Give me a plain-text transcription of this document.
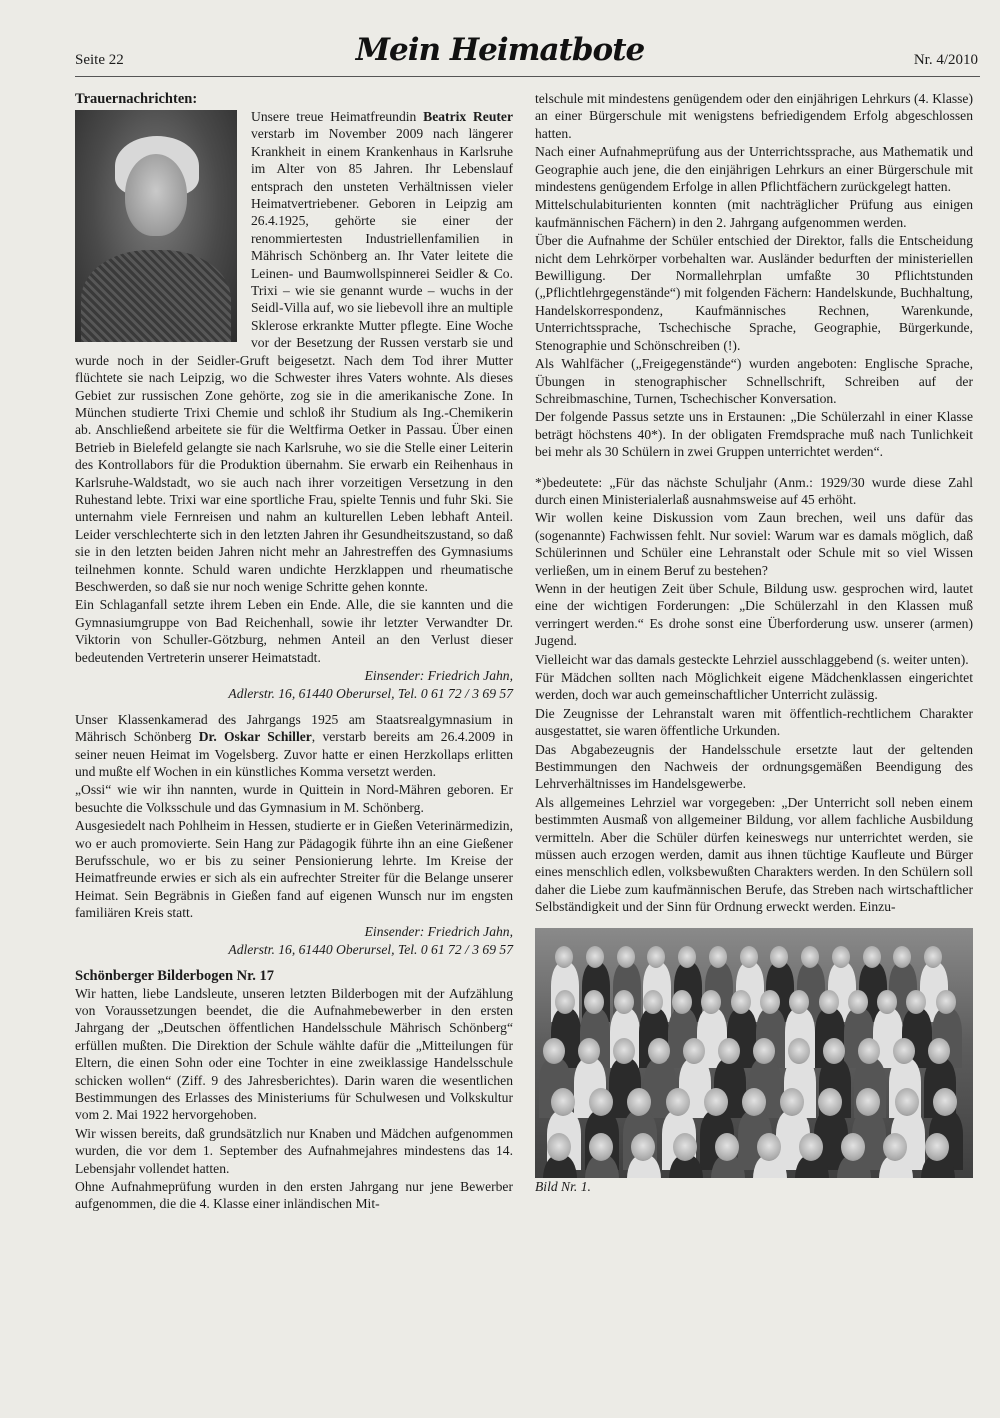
Seite 22	Mein Heimatbote	Nr. 4/2010
Trauernachrichten:

Unsere treue Heimatfreundin Beatrix Reuter verstarb im November 2009 nach längerer Krankheit in einem Krankenhaus in Karlsruhe im Alter von 85 Jahren. Ihr Lebenslauf entsprach den unsteten Verhältnissen vieler Heimatvertriebener. Geboren in Leipzig am 26.4.1925, gehörte sie einer der renommiertesten Industriellenfamilien in Mährisch Schönberg an. Ihr Vater leitete die Leinen- und Baumwollspinnerei Seidler & Co. Trixi – wie sie genannt wurde – wuchs in der Seidl-Villa auf, wo sie liebevoll ihre an multiple Sklerose erkrankte Mutter pflegte. Eine Woche vor der Besetzung der Russen verstarb sie und wurde noch in der Seidler-Gruft beigesetzt. Nach dem Tod ihrer Mutter flüchtete sie nach Leipzig, wo die Schwester ihres Vaters wohnte. Als dieses Gebiet zur russischen Zone gehörte, zog sie in die amerikanische Zone. In München studierte Trixi Chemie und schloß ihr Studium als Ing.-Chemikerin ab. Anschließend arbeitete sie für die Weltfirma Oetker in Passau. Über einen Betrieb in Bielefeld gelangte sie nach Karlsruhe, wo sie die Stelle einer Leiterin des Kontrollabors für die Produktion übernahm. Sie erwarb ein Reihenhaus in Karlsruhe-Waldstadt, wo sie auch nach ihrer vorzeitigen Versetzung in den Ruhestand lebte. Trixi war eine sportliche Frau, spielte Tennis und fuhr Ski. Sie unternahm viele Fernreisen und nahm an kulturellen Leben lebhaft Anteil. Leider verschlechterte sich in den letzten Jahren ihr Gesundheitszustand, so daß sie in den letzten beiden Jahren nicht mehr an Jahrestreffen des Gymnasiums teilnehmen konnte. Schuld waren undichte Herzklappen und rheumatische Beschwerden, so daß sie nur noch wenige Schritte gehen konnte.

Ein Schlaganfall setzte ihrem Leben ein Ende. Alle, die sie kannten und die Gymnasiumgruppe von Bad Reichenhall, sowie ihr letzter Verwandter Dr. Viktorin von Schuller-Götzburg, nehmen Anteil an den Verlust dieser bedeutenden Vertreterin unserer Heimatstadt.

Einsender: Friedrich Jahn,

Adlerstr. 16, 61440 Oberursel, Tel. 0 61 72 / 3 69 57

Unser Klassenkamerad des Jahrgangs 1925 am Staatsrealgymnasium in Mährisch Schönberg Dr. Oskar Schiller, verstarb bereits am 26.4.2009 in seiner neuen Heimat im Vogelsberg. Zuvor hatte er einen Herzkollaps erlitten und mußte elf Wochen in ein künstliches Komma versetzt werden.

„Ossi“ wie wir ihn nannten, wurde in Quittein in Nord-Mähren geboren. Er besuchte die Volksschule und das Gymnasium in M. Schönberg.

Ausgesiedelt nach Pohlheim in Hessen, studierte er in Gießen Veterinärmedizin, wo er auch promovierte. Sein Hang zur Pädagogik führte ihn an eine Gießener Berufsschule, wo er bis zu seiner Pensionierung lehrte. Im Kreise der Heimatfreunde erwies er sich als ein aufrechter Streiter für die Belange unserer Heimat. Sein Begräbnis in Gießen fand auf eigenen Wunsch nur im engsten familiären Kreis statt.

Einsender: Friedrich Jahn,

Adlerstr. 16, 61440 Oberursel, Tel. 0 61 72 / 3 69 57

Schönberger Bilderbogen Nr. 17

Wir hatten, liebe Landsleute, unseren letzten Bilderbogen mit der Aufzählung von Voraussetzungen beendet, die die Aufnahmebewerber in den ersten Jahrgang der „Deutschen öffentlichen Handelsschule Mährisch Schönberg“ erfüllen mußten. Die Direktion der Schule wählte dafür die „Mitteilungen für Eltern, die einen Sohn oder eine Tochter in eine zweiklassige Handelsschule schicken wollen“ (Ziff. 9 des Jahresberichtes). Darin waren die wesentlichen Bestimmungen des Erlasses des Ministeriums für Schulwesen und Volkskultur vom 2. Mai 1922 hervorgehoben.

Wir wissen bereits, daß grundsätzlich nur Knaben und Mädchen aufgenommen wurden, die vor dem 1. September des Aufnahmejahres mindestens das 14. Lebensjahr vollendet hatten.

Ohne Aufnahmeprüfung wurden in den ersten Jahrgang nur jene Bewerber aufgenommen, die die 4. Klasse einer inländischen Mit-

telschule mit mindestens genügendem oder den einjährigen Lehrkurs (4. Klasse) an einer Bürgerschule mit wenigstens befriedigendem Erfolg abgeschlossen hatten.

Nach einer Aufnahmeprüfung aus der Unterrichtssprache, aus Mathematik und Geographie auch jene, die den einjährigen Lehrkurs an einer Bürgerschule mit mindestens genügendem Erfolge in allen Pflichtfächern zurückgelegt hatten.

Mittelschulabiturienten konnten (mit nachträglicher Prüfung aus einigen kaufmännischen Fächern) in den 2. Jahrgang aufgenommen werden.

Über die Aufnahme der Schüler entschied der Direktor, falls die Entscheidung nicht dem Lehrkörper vorbehalten war. Ausländer bedurften der ministeriellen Bewilligung. Der Normallehrplan umfaßte 30 Pflichtstunden („Pflichtlehrgegenstände“) mit folgenden Fächern: Handelskunde, Buchhaltung, Handelskorrespondenz, Kaufmännisches Rechnen, Warenkunde, Unterrichtssprache, Tschechische Sprache, Geographie, Bürgerkunde, Stenographie und Schönschreiben (!).

Als Wahlfächer („Freigegenstände“) wurden angeboten: Englische Sprache, Übungen in stenographischer Schnellschrift, Schreiben auf der Schreibmaschine, Turnen, Tschechischer Konversation.

Der folgende Passus setzte uns in Erstaunen: „Die Schülerzahl in einer Klasse beträgt höchstens 40*). In der obligaten Fremdsprache muß nach Tunlichkeit bei mehr als 30 Schülern in zwei Gruppen unterrichtet werden“.

*)bedeutete: „Für das nächste Schuljahr (Anm.: 1929/30 wurde diese Zahl durch einen Ministerialerlaß ausnahmsweise auf 45 erhöht.

Wir wollen keine Diskussion vom Zaun brechen, weil uns dafür das (sogenannte) Fachwissen fehlt. Nur soviel: Warum war es damals möglich, daß Schülerinnen und Schüler eine Lehranstalt oder Schule mit so viel Wissen verließen, um in einem Beruf zu bestehen?

Wenn in der heutigen Zeit über Schule, Bildung usw. gesprochen wird, lautet eine der wichtigen Forderungen: „Die Schülerzahl in den Klassen muß verringert werden.“ Es drohe sonst eine Überforderung usw. unserer (armen) Jugend.

Vielleicht war das damals gesteckte Lehrziel ausschlaggebend (s. weiter unten).

Für Mädchen sollten nach Möglichkeit eigene Mädchenklassen eingerichtet werden, doch war auch gemeinschaftlicher Unterricht zulässig.

Die Zeugnisse der Lehranstalt waren mit öffentlich-rechtlichem Charakter ausgestattet, sie waren öffentliche Urkunden.

Das Abgabezeugnis der Handelsschule ersetzte laut der geltenden Bestimmungen den Nachweis der ordnungsgemäßen Beendigung des Lehrverhältnisses im Handelsgewerbe.

Als allgemeines Lehrziel war vorgegeben: „Der Unterricht soll neben einem bestimmten Ausmaß von allgemeiner Bildung, vor allem fachliche Ausbildung vermitteln. Aber die Schüler dürfen keineswegs nur unterrichtet werden, sie müssen auch erzogen werden, damit aus ihnen tüchtige Kaufleute und Bürger eines menschlich edlen, volksbewußten Charakters werden. In den Schülern soll daher die Liebe zum kaufmännischen Berufe, das Streben nach wirtschaftlicher Selbständigkeit und der Sinn für Ordnung erweckt werden. Einzu-

Bild Nr. 1.
